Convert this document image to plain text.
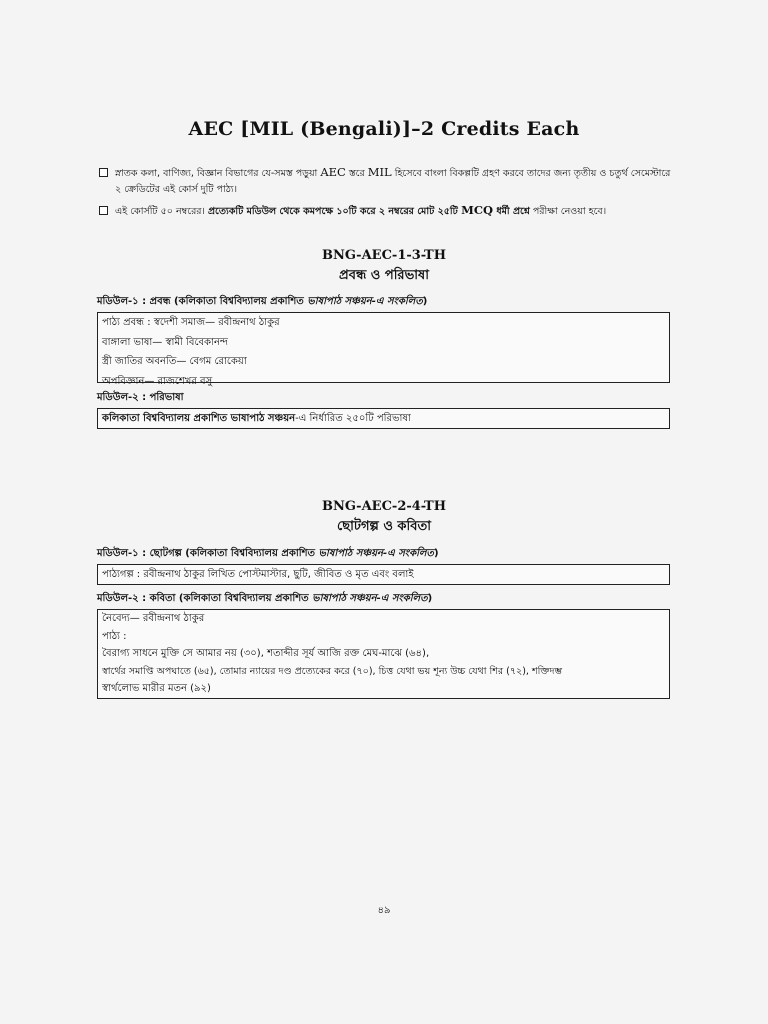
AEC [MIL (Bengali)]–2 Credits Each
স্নাতক কলা, বাণিজ্য, বিজ্ঞান বিভাগের যে-সমস্ত পড়ুয়া AEC স্তরে MIL হিসেবে বাংলা বিকল্পটি গ্রহণ করবে তাদের জন্য তৃতীয় ও চতুর্থ সেমেস্টারে
২ ক্রেডিটের এই কোর্স দুটি পাঠ্য।
এই কোর্সটি ৫০ নম্বরের। প্রত্যেকটি মডিউল থেকে কমপক্ষে ১০টি করে ২ নম্বরের মোট ২৫টি MCQ ধর্মী প্রশ্নে পরীক্ষা নেওয়া হবে।
BNG-AEC-1-3-TH
প্রবন্ধ ও পরিভাষা
মডিউল-১ : প্রবন্ধ (কলিকাতা বিশ্ববিদ্যালয় প্রকাশিত ভাষাপাঠ সঞ্চয়ন-এ সংকলিত)
পাঠ্য প্রবন্ধ : স্বদেশী সমাজ— রবীন্দ্রনাথ ঠাকুর
বাঙ্গালা ভাষা— স্বামী বিবেকানন্দ
স্ত্রী জাতির অবনতি— বেগম রোকেয়া
অপবিজ্ঞান— রাজশেখর বসু
মডিউল-২ : পরিভাষা
কলিকাতা বিশ্ববিদ্যালয় প্রকাশিত ভাষাপাঠ সঞ্চয়ন-এ নির্ধারিত ২৫০টি পরিভাষা
BNG-AEC-2-4-TH
ছোটগল্প ও কবিতা
মডিউল-১ : ছোটগল্প (কলিকাতা বিশ্ববিদ্যালয় প্রকাশিত ভাষাপাঠ সঞ্চয়ন-এ সংকলিত)
পাঠ্যগল্প : রবীন্দ্রনাথ ঠাকুর লিখিত পোস্টমাস্টার, ছুটি, জীবিত ও মৃত এবং বলাই
মডিউল-২ : কবিতা (কলিকাতা বিশ্ববিদ্যালয় প্রকাশিত ভাষাপাঠ সঞ্চয়ন-এ সংকলিত)
নৈবেদ্য— রবীন্দ্রনাথ ঠাকুর
পাঠ্য :
বৈরাগ্য সাধনে মুক্তি সে আমার নয় (৩০), শতাব্দীর সূর্য আজি রক্ত মেঘ-মাঝে (৬৪),
স্বার্থের সমাপ্তি অপঘাতে (৬৫), তোমার ন্যায়ের দণ্ড প্রত্যেকের করে (৭০), চিত্ত যেথা ভয় শূন্য উচ্চ যেথা শির (৭২), শক্তিদম্ভ
স্বার্থলোভ মারীর মতন (৯২)
৪৯
